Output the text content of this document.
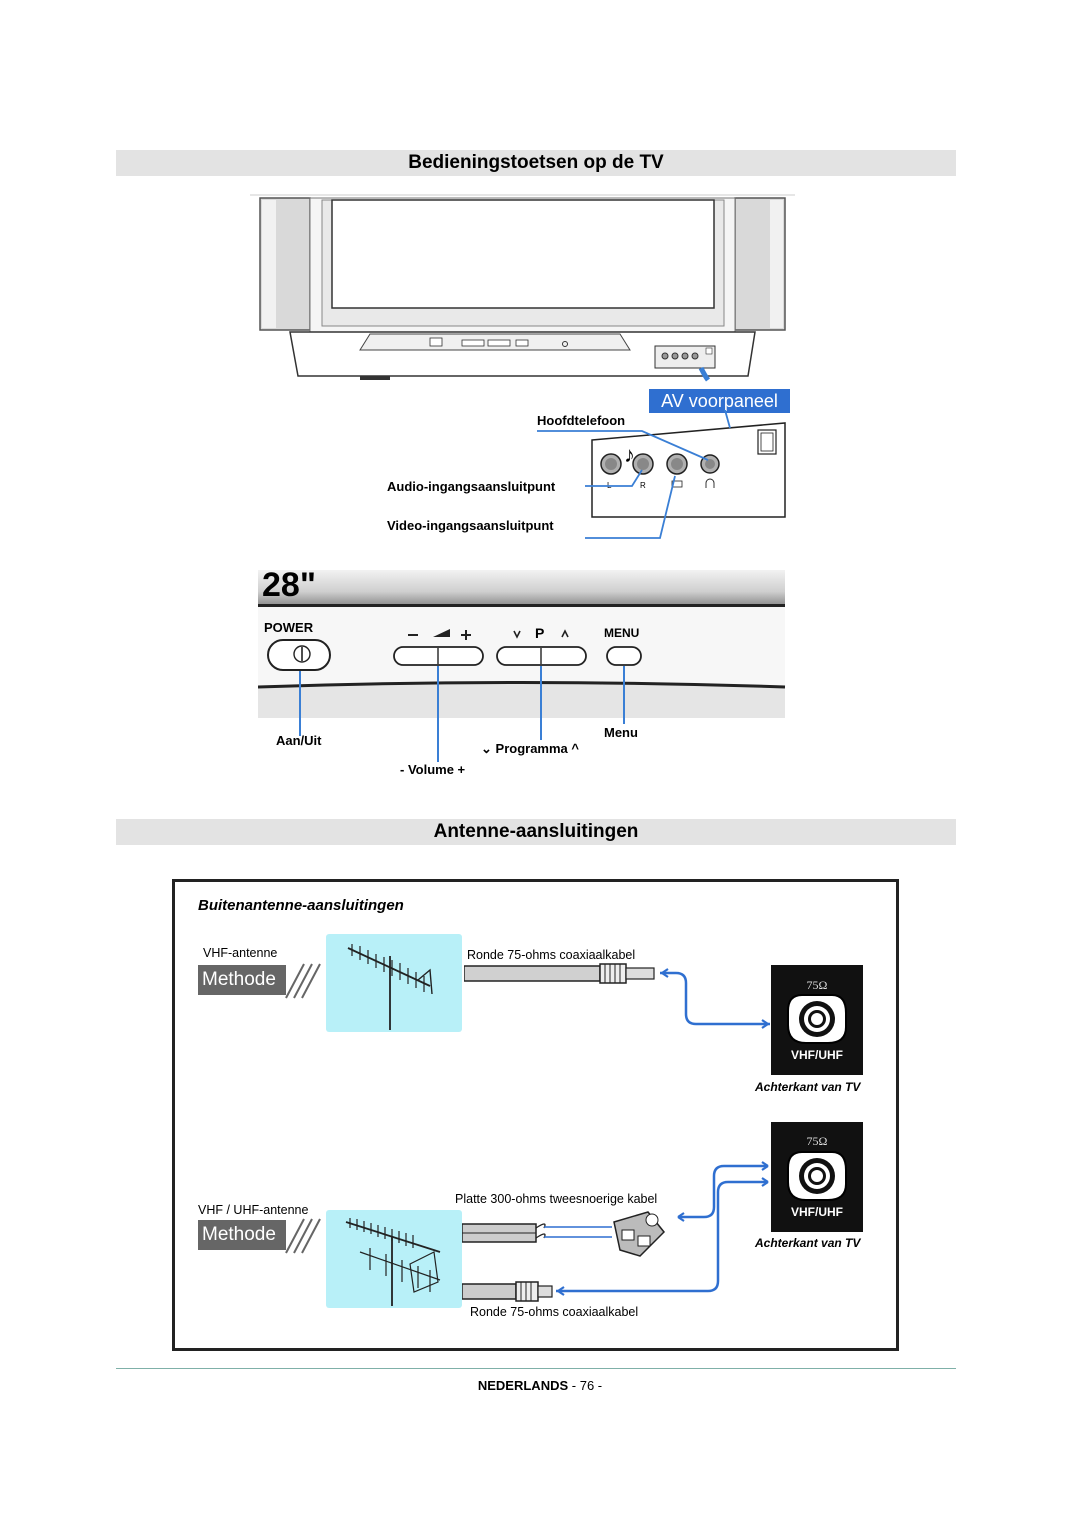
Bedieningstoetsen op de TV
AV voorpaneel
♪
L	R
Hoofdtelefoon
Audio-ingangsaansluitpunt
Video-ingangsaansluitpunt
28"
POWER	P	MENU
Aan/Uit
Menu
⌄ Programma ^
- Volume +
Antenne-aansluitingen
Buitenantenne-aansluitingen
VHF-antenne
Methode 1
Ronde 75-ohms coaxiaalkabel
75Ω
VHF/UHF
Achterkant van TV
75Ω
VHF/UHF
Achterkant van TV
VHF / UHF-antenne
Methode 2
Platte 300-ohms tweesnoerige kabel
Ronde 75-ohms coaxiaalkabel
NEDERLANDS - 76 -
